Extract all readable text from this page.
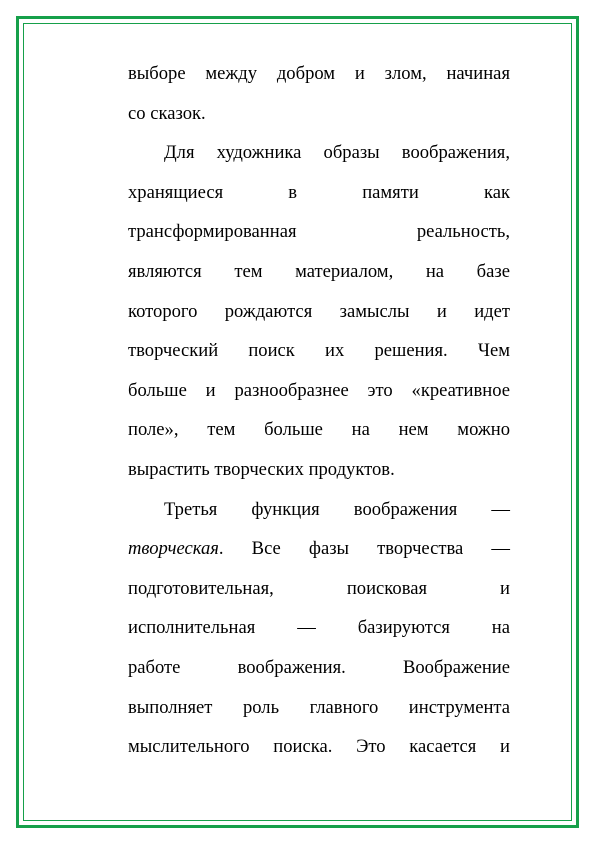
выборе между добром и злом, начиная
со сказок.
Для художника образы воображения,
хранящиеся в памяти как
трансформированная реальность,
являются тем материалом, на базе
которого рождаются замыслы и идет
творческий поиск их решения. Чем
больше и разнообразнее это «креативное
поле», тем больше на нем можно
вырастить творческих продуктов.
Третья функция воображения —
творческая. Все фазы творчества —
подготовительная, поисковая и
исполнительная — базируются на
работе воображения. Воображение
выполняет роль главного инструмента
мыслительного поиска. Это касается и
